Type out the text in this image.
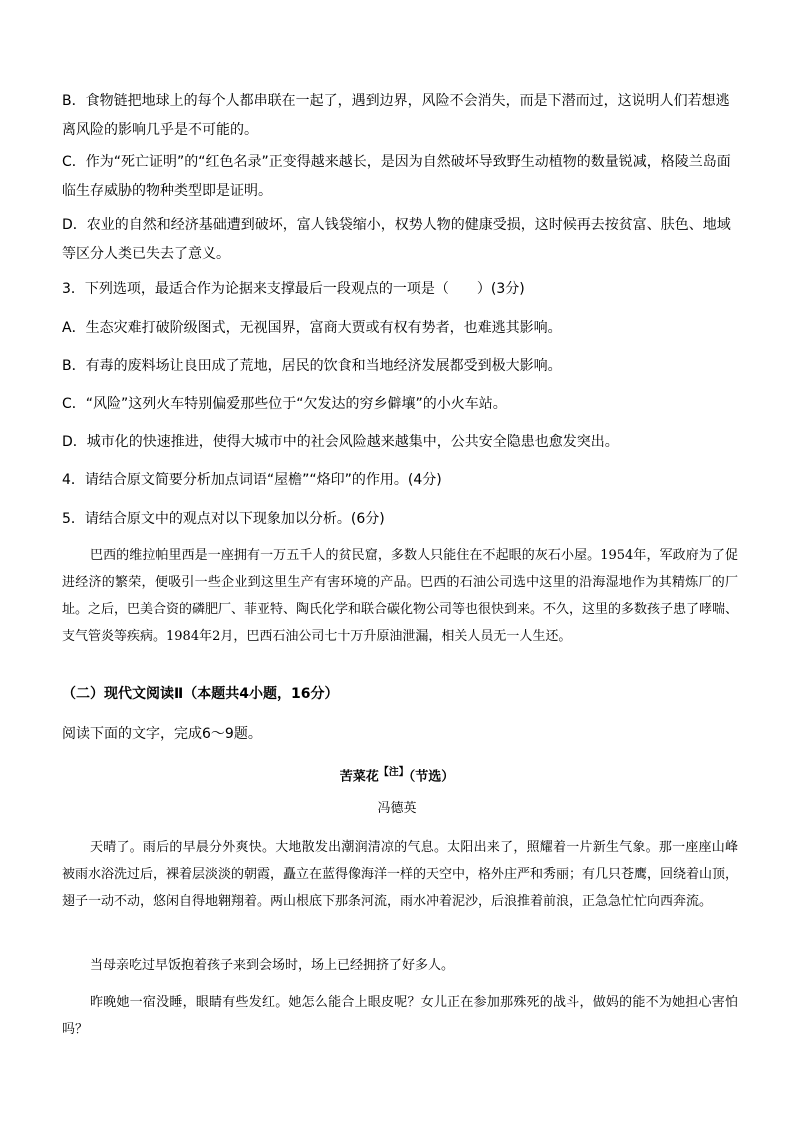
B．食物链把地球上的每个人都串联在一起了，遇到边界，风险不会消失，而是下潜而过，这说明人们若想逃离风险的影响几乎是不可能的。

C．作为“死亡证明”的“红色名录”正变得越来越长，是因为自然破坏导致野生动植物的数量锐减，格陵兰岛面临生存威胁的物种类型即是证明。

D．农业的自然和经济基础遭到破坏，富人钱袋缩小，权势人物的健康受损，这时候再去按贫富、肤色、地域等区分人类已失去了意义。

3．下列选项，最适合作为论据来支撑最后一段观点的一项是（　　）(3分)

A．生态灾难打破阶级图式，无视国界，富商大贾或有权有势者，也难逃其影响。

B．有毒的废料场让良田成了荒地，居民的饮食和当地经济发展都受到极大影响。

C．“风险”这列火车特别偏爱那些位于“欠发达的穷乡僻壤”的小火车站。

D．城市化的快速推进，使得大城市中的社会风险越来越集中，公共安全隐患也愈发突出。

4．请结合原文简要分析加点词语“屋檐”“烙印”的作用。(4分)

5．请结合原文中的观点对以下现象加以分析。(6分)

巴西的维拉帕里西是一座拥有一万五千人的贫民窟，多数人只能住在不起眼的灰石小屋。1954年，军政府为了促进经济的繁荣，便吸引一些企业到这里生产有害环境的产品。巴西的石油公司选中这里的沿海湿地作为其精炼厂的厂址。之后，巴美合资的磷肥厂、菲亚特、陶氏化学和联合碳化物公司等也很快到来。不久，这里的多数孩子患了哮喘、支气管炎等疾病。1984年2月，巴西石油公司七十万升原油泄漏，相关人员无一人生还。

（二）现代文阅读Ⅱ（本题共4小题，16分）

阅读下面的文字，完成6～9题。

苦菜花$^{【注】}$（节选）

冯德英

天晴了。雨后的早晨分外爽快。大地散发出潮润清凉的气息。太阳出来了，照耀着一片新生气象。那一座座山峰被雨水浴洗过后，裸着层淡淡的朝霞，矗立在蓝得像海洋一样的天空中，格外庄严和秀丽；有几只苍鹰，回绕着山顶，翅子一动不动，悠闲自得地翱翔着。两山根底下那条河流，雨水冲着泥沙，后浪推着前浪，正急急忙忙向西奔流。

当母亲吃过早饭抱着孩子来到会场时，场上已经拥挤了好多人。

昨晚她一宿没睡，眼睛有些发红。她怎么能合上眼皮呢？女儿正在参加那殊死的战斗，做妈的能不为她担心害怕吗？
